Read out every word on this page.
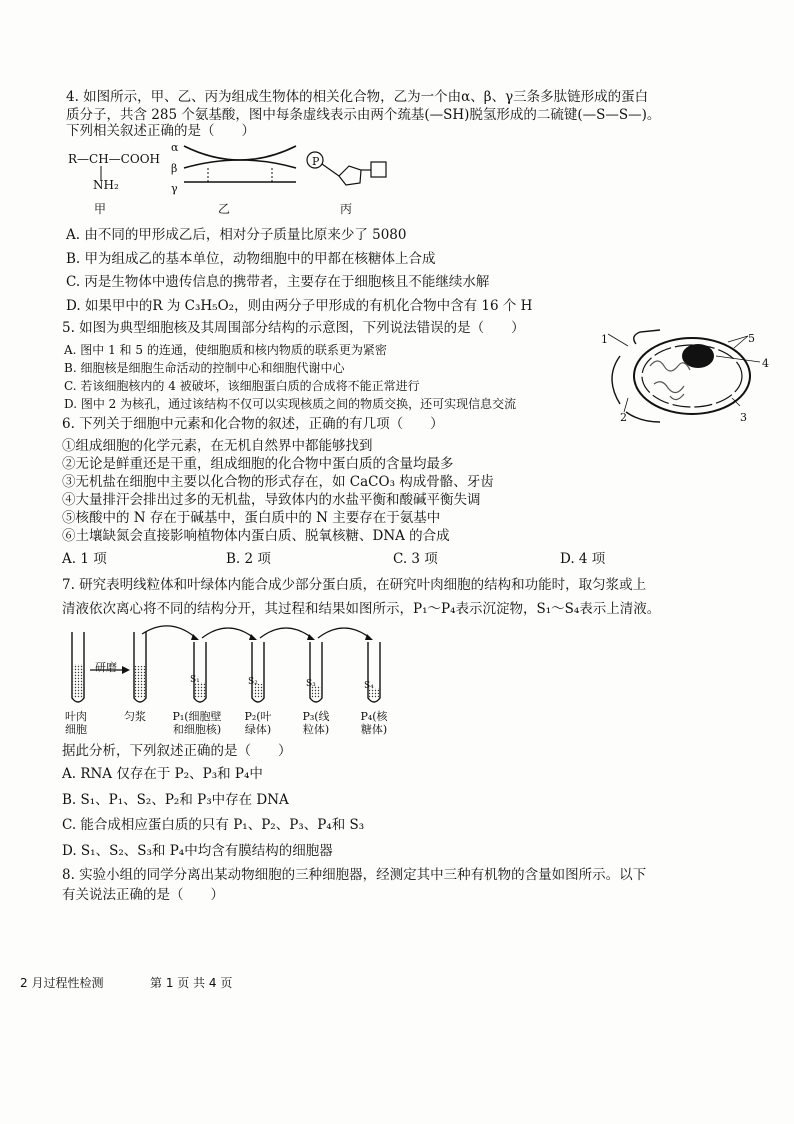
4. 如图所示，甲、乙、丙为组成生物体的相关化合物，乙为一个由α、β、γ三条多肽链形成的蛋白
质分子，共含 285 个氨基酸，图中每条虚线表示由两个巯基(—SH)脱氢形成的二硫键(—S—S—)。
下列相关叙述正确的是（　　）
R—CH—COOH
NH₂
α
β
γ
P
甲	乙	丙
A. 由不同的甲形成乙后，相对分子质量比原来少了 5080
B. 甲为组成乙的基本单位，动物细胞中的甲都在核糖体上合成
C. 丙是生物体中遗传信息的携带者，主要存在于细胞核且不能继续水解
D. 如果甲中的R 为 C₃H₅O₂，则由两分子甲形成的有机化合物中含有 16 个 H
5. 如图为典型细胞核及其周围部分结构的示意图，下列说法错误的是（　　）
A. 图中 1 和 5 的连通，使细胞质和核内物质的联系更为紧密
B. 细胞核是细胞生命活动的控制中心和细胞代谢中心
C. 若该细胞核内的 4 被破坏，该细胞蛋白质的合成将不能正常进行
D. 图中 2 为核孔，通过该结构不仅可以实现核质之间的物质交换，还可实现信息交流
1
2	3
4
5
6. 下列关于细胞中元素和化合物的叙述，正确的有几项（　　）
①组成细胞的化学元素，在无机自然界中都能够找到
②无论是鲜重还是干重，组成细胞的化合物中蛋白质的含量均最多
③无机盐在细胞中主要以化合物的形式存在，如 CaCO₃ 构成骨骼、牙齿
④大量排汗会排出过多的无机盐，导致体内的水盐平衡和酸碱平衡失调
⑤核酸中的 N 存在于碱基中，蛋白质中的 N 主要存在于氨基中
⑥土壤缺氮会直接影响植物体内蛋白质、脱氧核糖、DNA 的合成
A. 1 项	B. 2 项	C. 3 项	D. 4 项
7. 研究表明线粒体和叶绿体内能合成少部分蛋白质，在研究叶肉细胞的结构和功能时，取匀浆或上
清液依次离心将不同的结构分开，其过程和结果如图所示，P₁～P₄表示沉淀物，S₁～S₄表示上清液。
研磨
S₁	S₂	S₃	S₄
叶肉
细胞
匀浆	P₁(细胞壁
和细胞核)
P₂(叶
绿体)
P₃(线
粒体)
P₄(核
糖体)
据此分析，下列叙述正确的是（　　）
A. RNA 仅存在于 P₂、P₃和 P₄中
B. S₁、P₁、S₂、P₂和 P₃中存在 DNA
C. 能合成相应蛋白质的只有 P₁、P₂、P₃、P₄和 S₃
D. S₁、S₂、S₃和 P₄中均含有膜结构的细胞器
8. 实验小组的同学分离出某动物细胞的三种细胞器，经测定其中三种有机物的含量如图所示。以下
有关说法正确的是（　　）
2 月过程性检测	第 1 页 共 4 页
